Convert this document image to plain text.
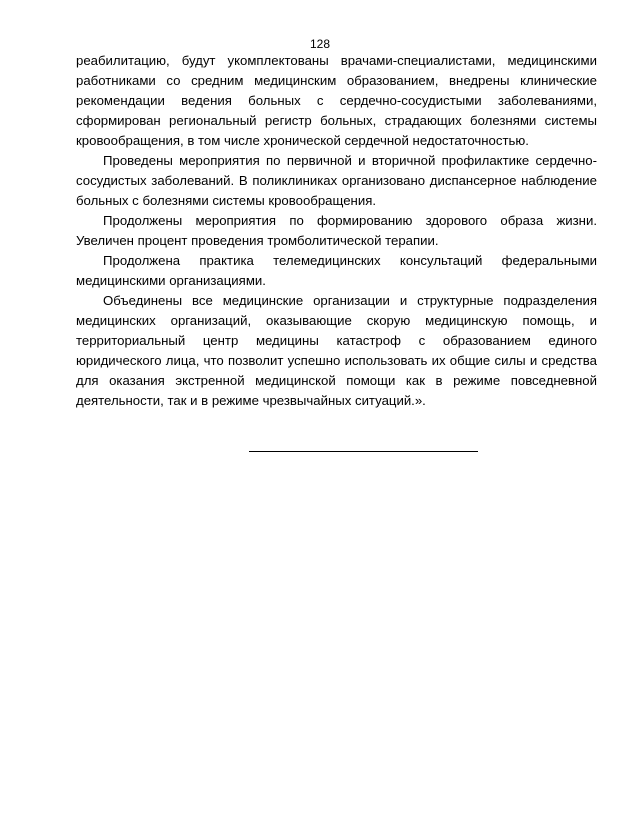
128

реабилитацию, будут укомплектованы врачами-специалистами, медицинскими работниками со средним медицинским образованием, внедрены клинические рекомендации ведения больных с сердечно-сосудистыми заболеваниями, сформирован региональный регистр больных, страдающих болезнями системы кровообращения, в том числе хронической сердечной недостаточностью.

Проведены мероприятия по первичной и вторичной профилактике сердечно-сосудистых заболеваний. В поликлиниках организовано диспансерное наблюдение больных с болезнями системы кровообращения.

Продолжены мероприятия по формированию здорового образа жизни. Увеличен процент проведения тромболитической терапии.

Продолжена практика телемедицинских консультаций федеральными медицинскими организациями.

Объединены все медицинские организации и структурные подразделения медицинских организаций, оказывающие скорую медицинскую помощь, и территориальный центр медицины катастроф с образованием единого юридического лица, что позволит успешно использовать их общие силы и средства для оказания экстренной медицинской помощи как в режиме повседневной деятельности, так и в режиме чрезвычайных ситуаций.».
